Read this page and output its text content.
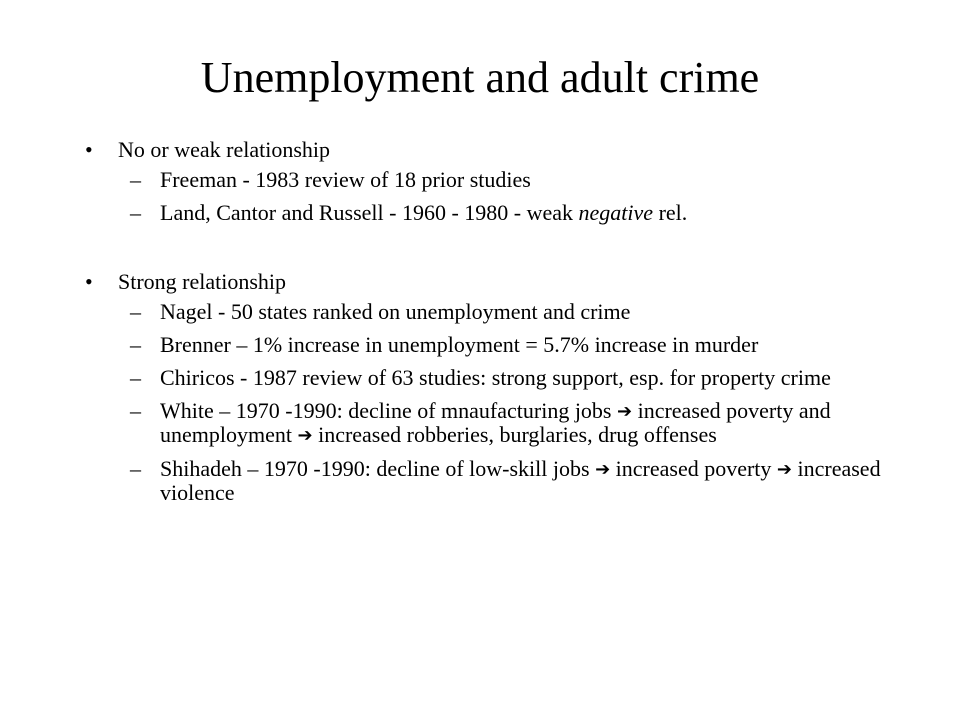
Unemployment and adult crime
• No or weak relationship
– Freeman - 1983 review of 18 prior studies
– Land, Cantor and Russell - 1960 - 1980 - weak negative rel.
• Strong relationship
– Nagel - 50 states ranked on unemployment and crime
– Brenner – 1% increase in unemployment = 5.7% increase in murder
– Chiricos - 1987 review of 63 studies: strong support, esp. for property crime
– White – 1970 -1990: decline of mnaufacturing jobs ➔ increased poverty and unemployment ➔ increased robberies, burglaries, drug offenses
– Shihadeh – 1970 -1990: decline of low-skill jobs ➔ increased poverty ➔ increased violence
